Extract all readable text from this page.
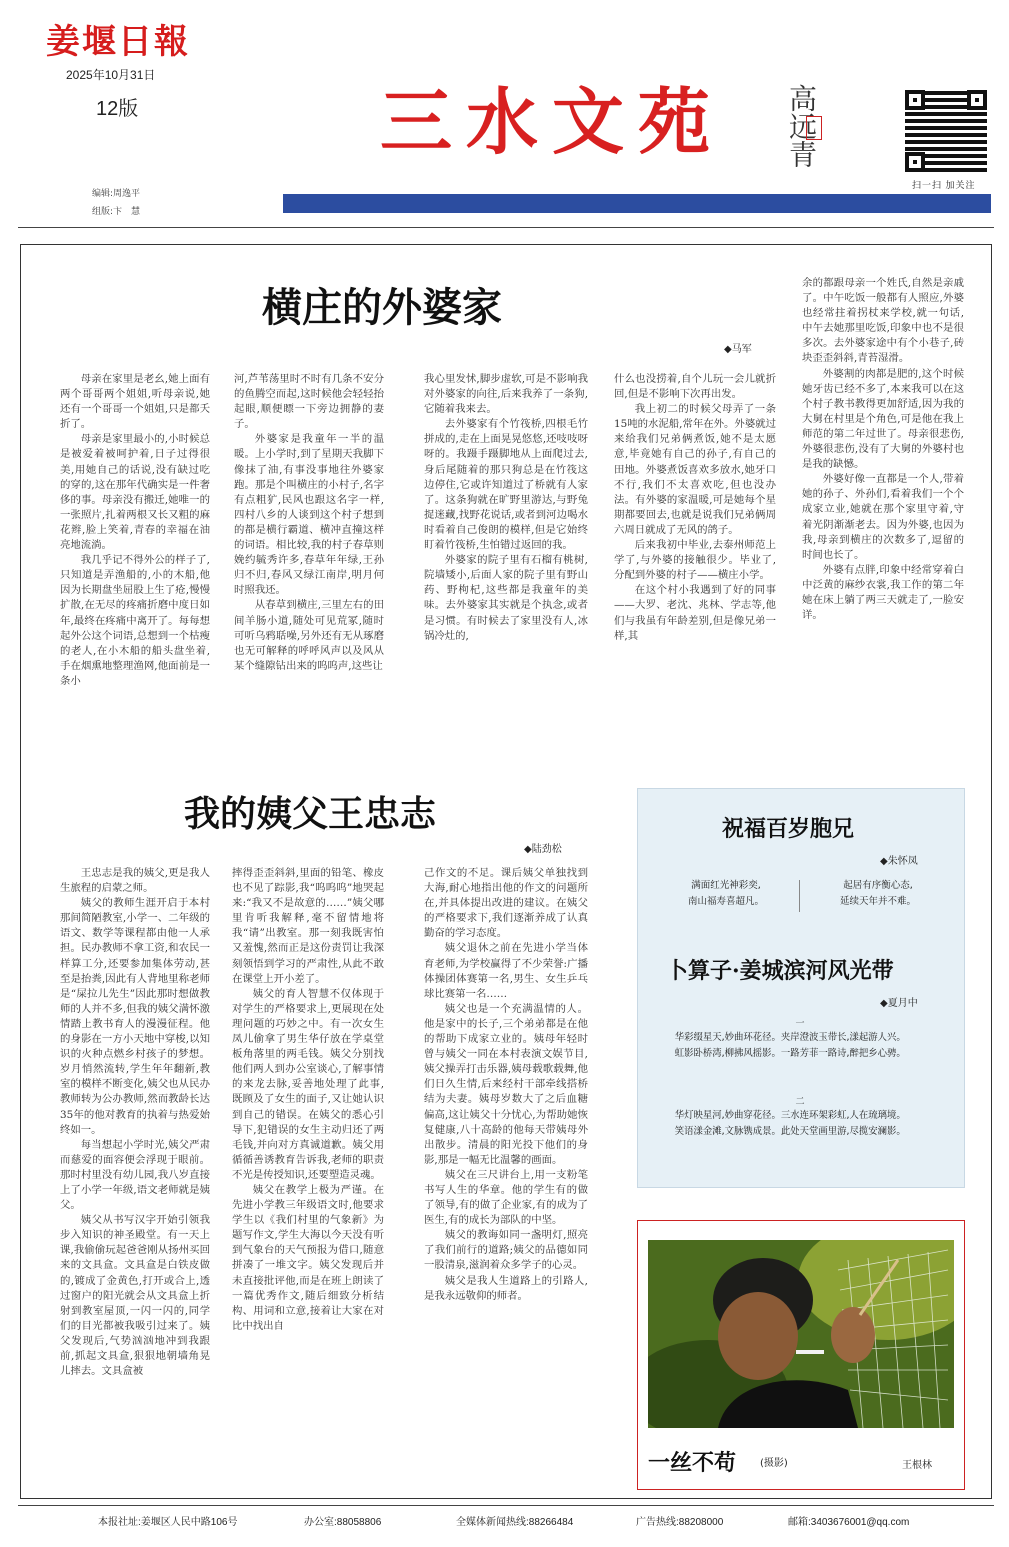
姜堰日報
2025年10月31日
12版	三水文苑	高远青
扫一扫 加关注
编辑:周逸平
组版:卞　慧
横庄的外婆家
◆马军

母亲在家里是老幺,她上面有两个哥哥两个姐姐,听母亲说,她还有一个哥哥一个姐姐,只是都夭折了。

母亲是家里最小的,小时候总是被爱着被呵护着,日子过得很美,用她自己的话说,没有缺过吃的穿的,这在那年代确实是一件奢侈的事。母亲没有搬迁,她唯一的一张照片,扎着两根又长又粗的麻花辫,脸上笑着,青春的幸福在油亮地流淌。

我几乎记不得外公的样子了,只知道是弄渔船的,小的木船,他因为长期盘坐屈股上生了疮,慢慢扩散,在无尽的疼痛折磨中度日如年,最终在疼痛中离开了。每每想起外公这个词语,总想到一个枯瘦的老人,在小木船的船头盘坐着,手在烟熏地整理渔网,他面前是一条小

河,芦苇荡里时不时有几条不安分的鱼腾空而起,这时候他会轻轻抬起眼,顺便瞟一下旁边拥静的妻子。

外婆家是我童年一半的温暖。上小学时,到了星期天我脚下像抹了油,有事没事地往外婆家跑。那是个叫横庄的小村子,名字有点粗犷,民风也跟这名字一样,四村八乡的人谈到这个村子想到的都是横行霸道、横冲直撞这样的词语。相比较,我的村子春草则娩约毓秀许多,春草年年绿,王孙归不归,春风又绿江南岸,明月何时照我还。

从春草到横庄,三里左右的田间羊肠小道,随处可见荒冢,随时可听乌鸦聒噪,另外还有无从琢磨也无可解释的呼呼风声以及风从某个缝隙钻出来的呜呜声,这些让

我心里发怵,脚步虚软,可是不影响我对外婆家的向往,后来我养了一条狗,它随着我来去。

去外婆家有个竹筏桥,四根毛竹拼成的,走在上面晃晃悠悠,还吱吱呀呀的。我蹑手蹑脚地从上面爬过去,身后尾随着的那只狗总是在竹筏这边停住,它或许知道过了桥就有人家了。这条狗就在旷野里游达,与野兔捉迷藏,找野花说话,或者到河边喝水时看着自己俊朗的模样,但是它始终盯着竹筏桥,生怕错过返回的我。

外婆家的院子里有石榴有桃树,院墙矮小,后面人家的院子里有野山药、野枸杞,这些都是我童年的美味。去外婆家其实就是个执念,或者是习惯。有时候去了家里没有人,冰锅冷灶的,

什么也没捞着,自个儿玩一会儿就折回,但是不影响下次再出发。

我上初二的时候父母弄了一条15吨的水泥船,常年在外。外婆就过来给我们兄弟俩煮饭,她不是太愿意,毕竟她有自己的孙子,有自己的田地。外婆煮饭喜欢多放水,她牙口不行,我们不太喜欢吃,但也没办法。有外婆的家温暖,可是她每个星期都要回去,也就是说我们兄弟俩周六周日就成了无风的鸽子。

后来我初中毕业,去泰州师范上学了,与外婆的接触很少。毕业了,分配到外婆的村子——横庄小学。

在这个村小我遇到了好的同事——大罗、老沈、兆林、学志等,他们与我虽有年龄差别,但是像兄弟一样,其

余的都跟母亲一个姓氏,自然是亲戚了。中午吃饭一般都有人照应,外婆也经常拄着拐杖来学校,就一句话,中午去她那里吃饭,印象中也不是很多次。去外婆家途中有个小巷子,砖块歪歪斜斜,青苔湿滑。

外婆割的肉都是肥的,这个时候她牙齿已经不多了,本来我可以在这个村子教书教得更加舒适,因为我的大舅在村里是个角色,可是他在我上师范的第二年过世了。母亲很悲伤,外婆很悲伤,没有了大舅的外婆村也是我的缺憾。

外婆好像一直都是一个人,带着她的孙子、外孙们,看着我们一个个成家立业,她就在那个家里守着,守着光阴渐渐老去。因为外婆,也因为我,母亲到横庄的次数多了,逗留的时间也长了。

外婆有点胖,印象中经常穿着白中泛黄的麻纱衣裳,我工作的第二年她在床上躺了两三天就走了,一脸安详。

我的姨父王忠志
◆陆劲松

王忠志是我的姨父,更是我人生旅程的启蒙之师。

姨父的教师生涯开启于本村那间简陋教室,小学一、二年级的语文、数学等课程都由他一人承担。民办教师不拿工资,和农民一样算工分,还要参加集体劳动,甚至是抬粪,因此有人背地里称老师是“屎拉儿先生”因此那时想做教师的人并不多,但我的姨父满怀激情踏上教书育人的漫漫征程。他的身影在一方小天地中穿梭,以知识的火种点燃乡村孩子的梦想。岁月悄然流转,学生年年翻新,教室的模样不断变化,姨父也从民办教师转为公办教师,然而教龄长达35年的他对教育的执着与热爱始终如一。

每当想起小学时光,姨父严肃而慈爱的面容便会浮现于眼前。那时村里没有幼儿园,我八岁直接上了小学一年级,语文老师就是姨父。

姨父从书写汉字开始引领我步入知识的神圣殿堂。有一天上课,我偷偷玩起爸爸刚从扬州买回来的文具盒。文具盒是白铁皮做的,镀成了金黄色,打开或合上,透过窗户的阳光就会从文具盒上折射到教室屋顶,一闪一闪的,同学们的目光都被我吸引过来了。姨父发现后,气势汹汹地冲到我跟前,抓起文具盒,狠狠地朝墙角晃儿摔去。文具盒被

摔得歪歪斜斜,里面的铅笔、橡皮也不见了踪影,我“呜呜呜”地哭起来:“我又不是故意的……”姨父哪里肯听我解释,毫不留情地将我“请”出教室。那一刻我既害怕又羞愧,然而正是这份责罚让我深刻领悟到学习的严肃性,从此不敢在课堂上开小差了。

姨父的育人智慧不仅体现于对学生的严格要求上,更展现在处理问题的巧妙之中。有一次女生凤儿偷拿了男生华仔放在学桌堂板角落里的两毛钱。姨父分别找他们两人到办公室谈心,了解事情的来龙去脉,妥善地处理了此事,既顾及了女生的面子,又让她认识到自己的错误。在姨父的悉心引导下,犯错误的女生主动归还了两毛钱,并向对方真诚道歉。姨父用循循善诱教育告诉我,老师的职责不光是传授知识,还要塑造灵魂。

姨父在教学上极为严谨。在先进小学教三年级语文时,他要求学生以《我们村里的气象新》为题写作文,学生大海以今天没有听到气象台的天气预报为借口,随意拼凑了一堆文字。姨父发现后并未直接批评他,而是在班上朗读了一篇优秀作文,随后细致分析结构、用词和立意,接着让大家在对比中找出自

己作文的不足。课后姨父单独找到大海,耐心地指出他的作文的问题所在,并具体提出改进的建议。在姨父的严格要求下,我们逐渐养成了认真勤奋的学习态度。

姨父退休之前在先进小学当体育老师,为学校赢得了不少荣誉:广播体操团体赛第一名,男生、女生乒乓球比赛第一名……

姨父也是一个充满温情的人。他是家中的长子,三个弟弟都是在他的帮助下成家立业的。姨母年轻时曾与姨父一同在本村表演文娱节目,姨父操弄打击乐器,姨母载歌载舞,他们日久生情,后来经村干部牵线搭桥结为夫妻。姨母岁数大了之后血糖偏高,这让姨父十分忧心,为帮助她恢复健康,八十高龄的他每天带姨母外出散步。清晨的阳光投下他们的身影,那是一幅无比温馨的画面。

姨父在三尺讲台上,用一支粉笔书写人生的华章。他的学生有的做了领导,有的做了企业家,有的成为了医生,有的成长为部队的中坚。

姨父的教诲如同一盏明灯,照亮了我们前行的道路;姨父的品德如同一股清泉,滋润着众多学子的心灵。

姨父是我人生道路上的引路人,是我永远敬仰的师者。

祝福百岁胞兄
◆朱怀凤
满面红光神彩奕,
南山福寿喜超凡。
起居有序衡心态,
延续天年并不难。
卜算子·姜城滨河风光带
◆夏月中
一

华彩缀星天,妙曲环花径。夹岸澄波玉带长,漾起游人兴。

虹影卧桥湾,柳拂风摇影。一路芳菲一路诗,醉把乡心骋。

二

华灯映星河,妙曲穿花径。三水连环架彩虹,人在琉璃境。

笑语漾金滩,文脉镌成景。此处天堂画里游,尽揽安澜影。

一丝不苟 (摄影)	王根林
本报社址:姜堰区人民中路106号	办公室:88058806	全媒体新闻热线:88266484	广告热线:88208000	邮箱:3403676001@qq.com
